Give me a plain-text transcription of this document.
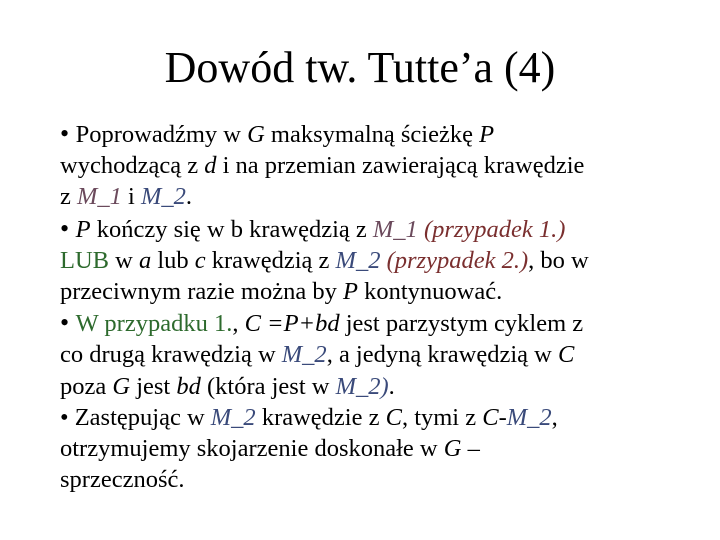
Dowód tw. Tutte’a (4)
• Poprowadźmy w G maksymalną ścieżkę P
wychodzącą z d i na przemian zawierającą krawędzie
z M_1 i M_2.
• P kończy się w b krawędzią z M_1 (przypadek 1.)
LUB w a lub c krawędzią z M_2 (przypadek 2.), bo w
przeciwnym razie można by P kontynuować.
• W przypadku 1., C =P+bd jest parzystym cyklem z
co drugą krawędzią w M_2, a jedyną krawędzią w C
poza G jest bd (która jest w M_2).
• Zastępując w M_2 krawędzie z C, tymi z C-M_2,
otrzymujemy skojarzenie doskonałe w G –
sprzeczność.
